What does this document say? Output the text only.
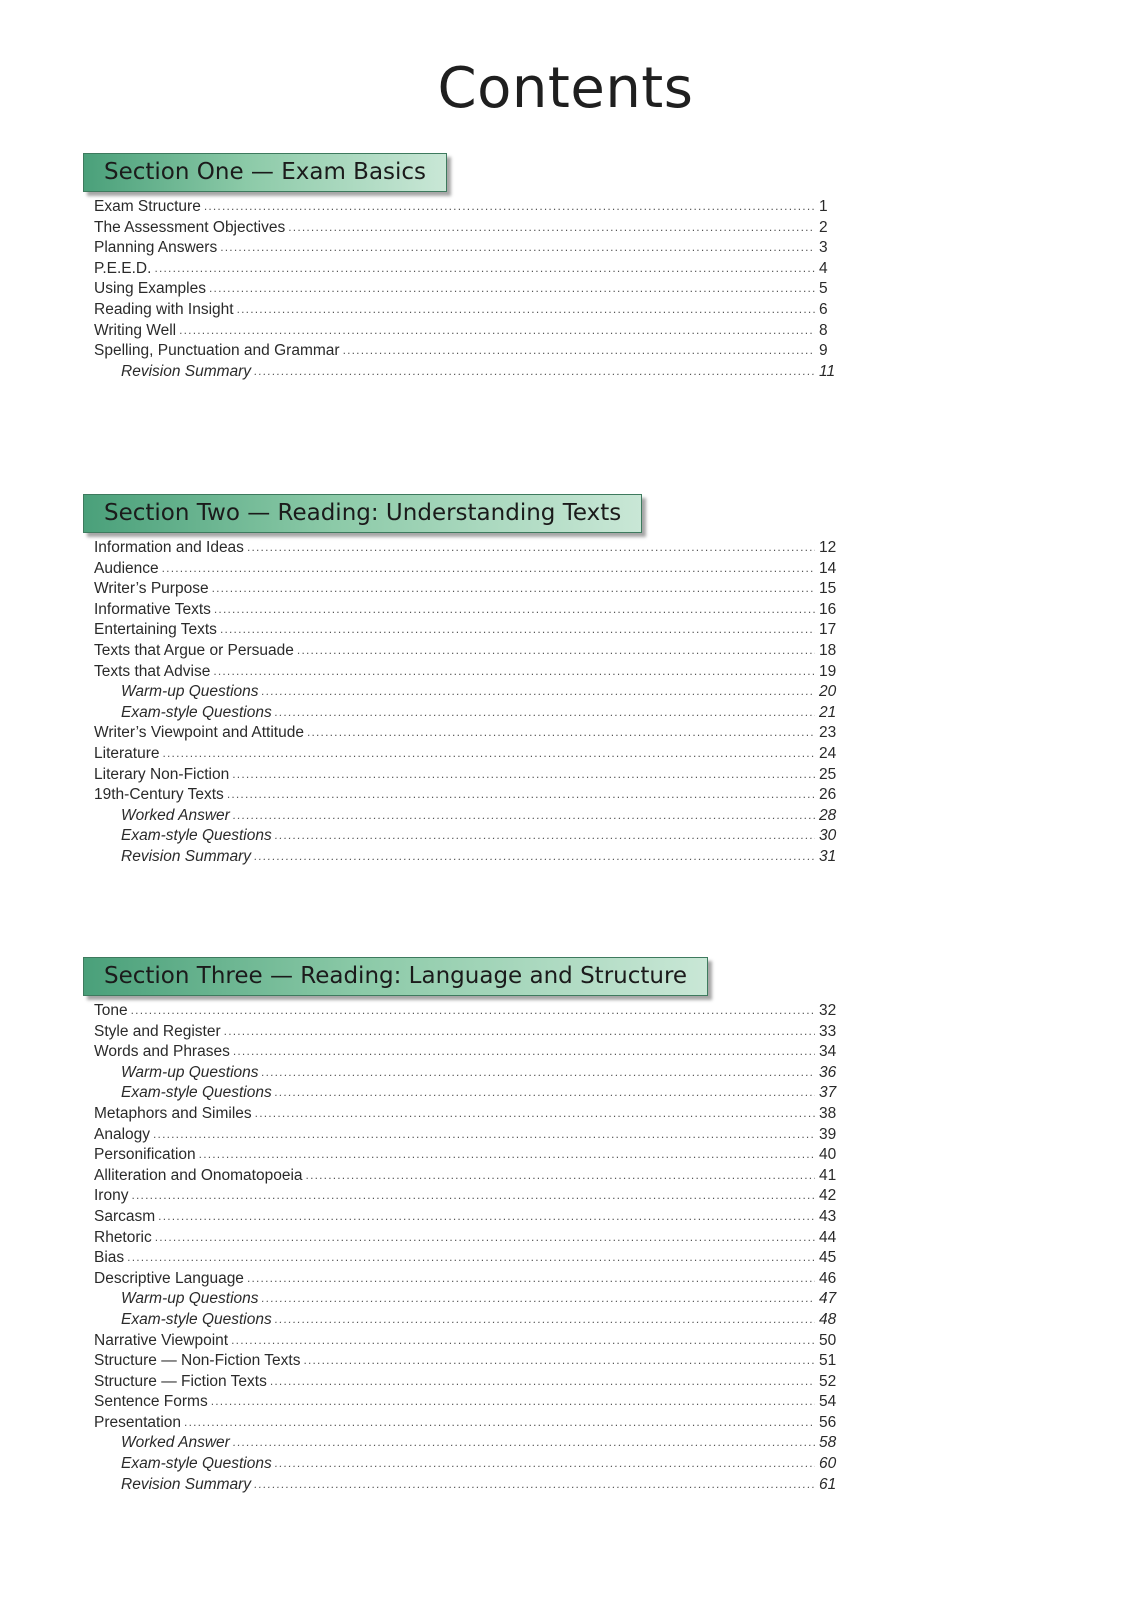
Contents
Section One — Exam Basics
Exam Structure .....	1
The Assessment Objectives .....	2
Planning Answers .....	3
P.E.E.D. .....	4
Using Examples .....	5
Reading with Insight .....	6
Writing Well .....	8
Spelling, Punctuation and Grammar .....	9
Revision Summary .....	11
Section Two — Reading: Understanding Texts
Information and Ideas .....	12
Audience .....	14
Writer’s Purpose .....	15
Informative Texts .....	16
Entertaining Texts .....	17
Texts that Argue or Persuade .....	18
Texts that Advise .....	19
Warm-up Questions .....	20
Exam-style Questions .....	21
Writer’s Viewpoint and Attitude .....	23
Literature .....	24
Literary Non-Fiction .....	25
19th-Century Texts .....	26
Worked Answer .....	28
Exam-style Questions .....	30
Revision Summary .....	31
Section Three — Reading: Language and Structure
Tone .....	32
Style and Register .....	33
Words and Phrases .....	34
Warm-up Questions .....	36
Exam-style Questions .....	37
Metaphors and Similes .....	38
Analogy .....	39
Personification .....	40
Alliteration and Onomatopoeia .....	41
Irony .....	42
Sarcasm .....	43
Rhetoric .....	44
Bias .....	45
Descriptive Language .....	46
Warm-up Questions .....	47
Exam-style Questions .....	48
Narrative Viewpoint .....	50
Structure — Non-Fiction Texts .....	51
Structure — Fiction Texts .....	52
Sentence Forms .....	54
Presentation .....	56
Worked Answer .....	58
Exam-style Questions .....	60
Revision Summary .....	61
